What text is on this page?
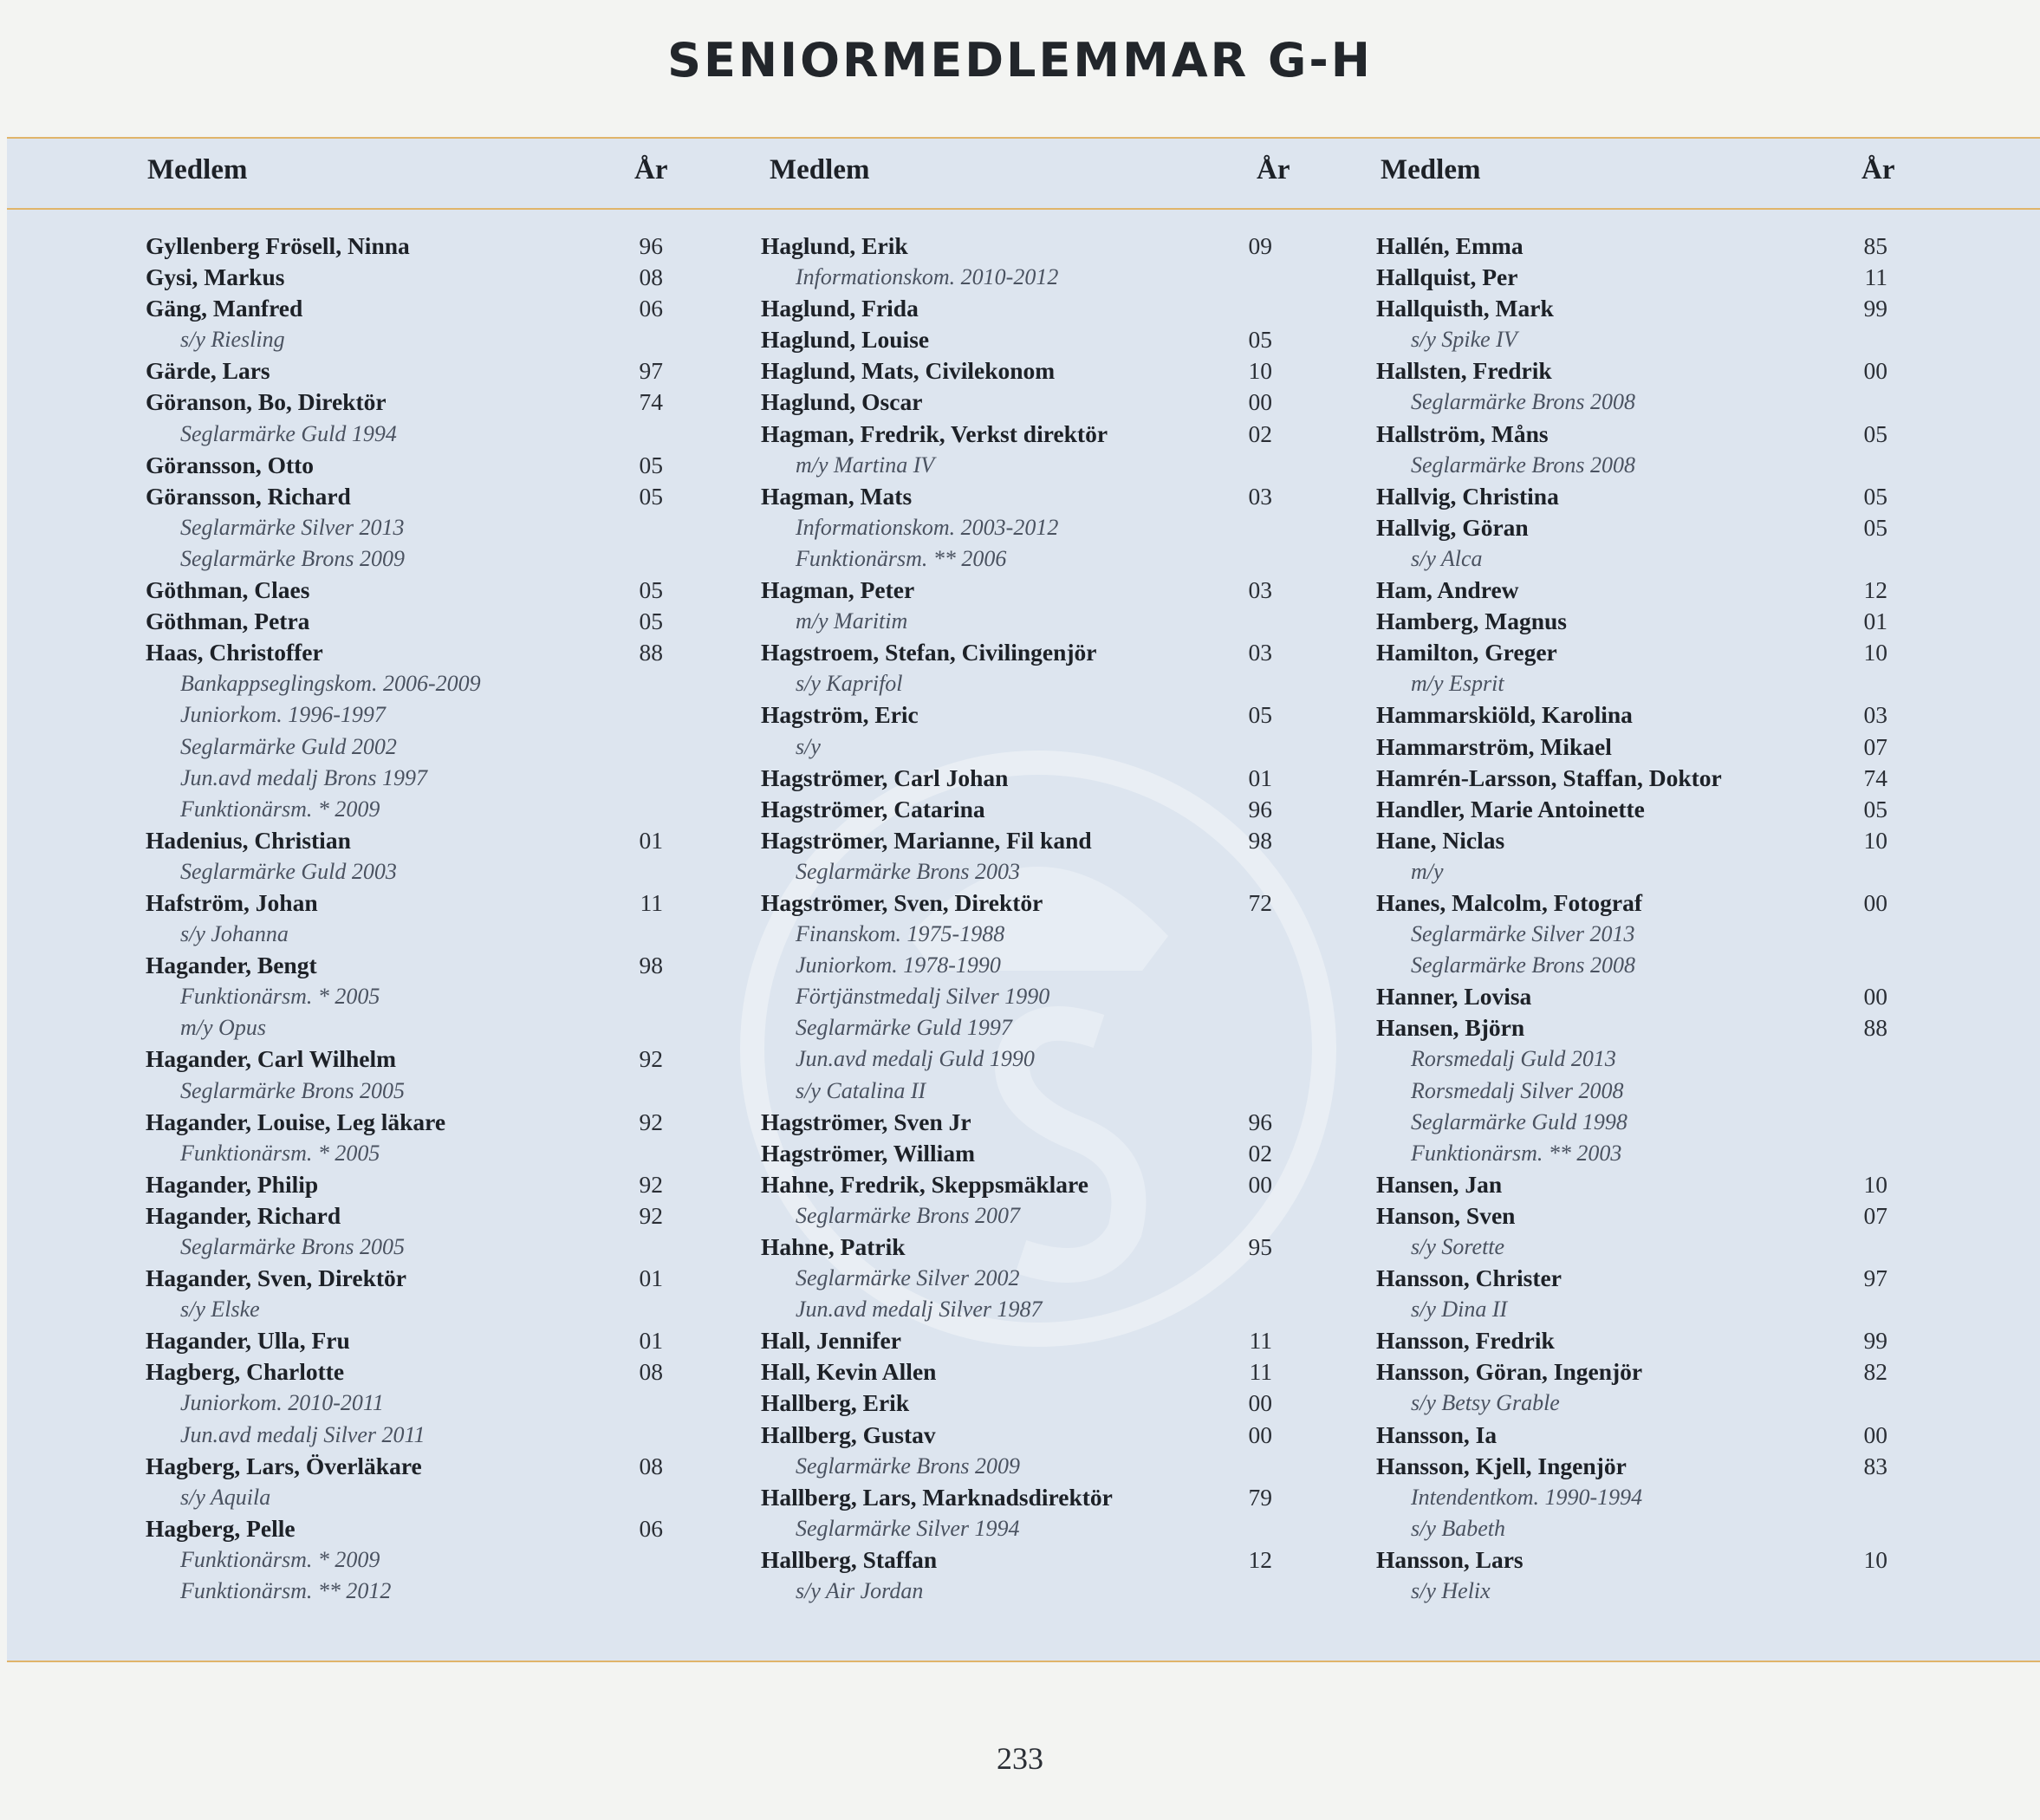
SENIORMEDLEMMAR G-H
Medlem	År	Medlem	År	Medlem	År
Gyllenberg Frösell, Ninna	96
Gysi, Markus	08
Gäng, Manfred	06
s/y Riesling
Gärde, Lars	97
Göranson, Bo, Direktör	74
Seglarmärke Guld 1994
Göransson, Otto	05
Göransson, Richard	05
Seglarmärke Silver 2013
Seglarmärke Brons 2009
Göthman, Claes	05
Göthman, Petra	05
Haas, Christoffer	88
Bankappseglingskom. 2006-2009
Juniorkom. 1996-1997
Seglarmärke Guld 2002
Jun.avd medalj Brons 1997
Funktionärsm. * 2009
Hadenius, Christian	01
Seglarmärke Guld 2003
Hafström, Johan	11
s/y Johanna
Hagander, Bengt	98
Funktionärsm. * 2005
m/y Opus
Hagander, Carl Wilhelm	92
Seglarmärke Brons 2005
Hagander, Louise, Leg läkare	92
Funktionärsm. * 2005
Hagander, Philip	92
Hagander, Richard	92
Seglarmärke Brons 2005
Hagander, Sven, Direktör	01
s/y Elske
Hagander, Ulla, Fru	01
Hagberg, Charlotte	08
Juniorkom. 2010-2011
Jun.avd medalj Silver 2011
Hagberg, Lars, Överläkare	08
s/y Aquila
Hagberg, Pelle	06
Funktionärsm. * 2009
Funktionärsm. ** 2012
Haglund, Erik	09
Informationskom. 2010-2012
Haglund, Frida
Haglund, Louise	05
Haglund, Mats, Civilekonom	10
Haglund, Oscar	00
Hagman, Fredrik, Verkst direktör	02
m/y Martina IV
Hagman, Mats	03
Informationskom. 2003-2012
Funktionärsm. ** 2006
Hagman, Peter	03
m/y Maritim
Hagstroem, Stefan, Civilingenjör	03
s/y Kaprifol
Hagström, Eric	05
s/y
Hagströmer, Carl Johan	01
Hagströmer, Catarina	96
Hagströmer, Marianne, Fil kand	98
Seglarmärke Brons 2003
Hagströmer, Sven, Direktör	72
Finanskom. 1975-1988
Juniorkom. 1978-1990
Förtjänstmedalj Silver 1990
Seglarmärke Guld 1997
Jun.avd medalj Guld 1990
s/y Catalina II
Hagströmer, Sven Jr	96
Hagströmer, William	02
Hahne, Fredrik, Skeppsmäklare	00
Seglarmärke Brons 2007
Hahne, Patrik	95
Seglarmärke Silver 2002
Jun.avd medalj Silver 1987
Hall, Jennifer	11
Hall, Kevin Allen	11
Hallberg, Erik	00
Hallberg, Gustav	00
Seglarmärke Brons 2009
Hallberg, Lars, Marknadsdirektör	79
Seglarmärke Silver 1994
Hallberg, Staffan	12
s/y Air Jordan
Hallén, Emma	85
Hallquist, Per	11
Hallquisth, Mark	99
s/y Spike IV
Hallsten, Fredrik	00
Seglarmärke Brons 2008
Hallström, Måns	05
Seglarmärke Brons 2008
Hallvig, Christina	05
Hallvig, Göran	05
s/y Alca
Ham, Andrew	12
Hamberg, Magnus	01
Hamilton, Greger	10
m/y Esprit
Hammarskiöld, Karolina	03
Hammarström, Mikael	07
Hamrén-Larsson, Staffan, Doktor	74
Handler, Marie Antoinette	05
Hane, Niclas	10
m/y
Hanes, Malcolm, Fotograf	00
Seglarmärke Silver 2013
Seglarmärke Brons 2008
Hanner, Lovisa	00
Hansen, Björn	88
Rorsmedalj Guld 2013
Rorsmedalj Silver 2008
Seglarmärke Guld 1998
Funktionärsm. ** 2003
Hansen, Jan	10
Hanson, Sven	07
s/y Sorette
Hansson, Christer	97
s/y Dina II
Hansson, Fredrik	99
Hansson, Göran, Ingenjör	82
s/y Betsy Grable
Hansson, Ia	00
Hansson, Kjell, Ingenjör	83
Intendentkom. 1990-1994
s/y Babeth
Hansson, Lars	10
s/y Helix
233
